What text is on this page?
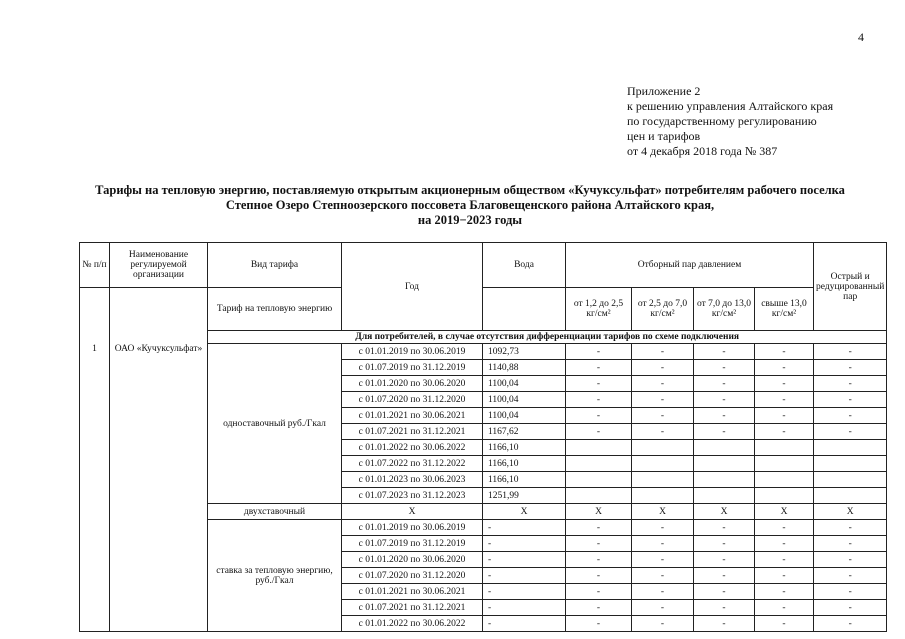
4
Приложение 2
к решению управления Алтайского края
по государственному регулированию
цен и тарифов
от 4 декабря 2018 года № 387
Тарифы на тепловую энергию, поставляемую открытым акционерным обществом «Кучуксульфат» потребителям рабочего поселка
Степное Озеро Степноозерского поссовета Благовещенского района Алтайского края,
на 2019−2023 годы
№ п/п	Наименование регулируемой организации	Вид тарифа	Год	Вода	Отборный пар давлением				Острый и редуцированный пар
1	ОАО «Кучуксульфат»	Тариф на тепловую энергию			от 1,2 до 2,5 кг/см²	от 2,5 до 7,0 кг/см²	от 7,0 до 13,0 кг/см²	свыше 13,0 кг/см²	
		Для потребителей, в случае отсутствия дифференциации тарифов по схеме подключения							
		одноставочный руб./Гкал	с 01.01.2019 по 30.06.2019	1092,73	-	-	-	-	-
			с 01.07.2019 по 31.12.2019	1140,88	-	-	-	-	-
			с 01.01.2020 по 30.06.2020	1100,04	-	-	-	-	-
			с 01.07.2020 по 31.12.2020	1100,04	-	-	-	-	-
			с 01.01.2021 по 30.06.2021	1100,04	-	-	-	-	-
			с 01.07.2021 по 31.12.2021	1167,62	-	-	-	-	-
			с 01.01.2022 по 30.06.2022	1166,10					
			с 01.07.2022 по 31.12.2022	1166,10					
			с 01.01.2023 по 30.06.2023	1166,10					
			с 01.07.2023 по 31.12.2023	1251,99					
		двухставочный	X	X	X	X	X	X	X
		ставка за тепловую энергию, руб./Гкал	с 01.01.2019 по 30.06.2019	-	-	-	-	-	-
			с 01.07.2019 по 31.12.2019	-	-	-	-	-	-
			с 01.01.2020 по 30.06.2020	-	-	-	-	-	-
			с 01.07.2020 по 31.12.2020	-	-	-	-	-	-
			с 01.01.2021 по 30.06.2021	-	-	-	-	-	-
			с 01.07.2021 по 31.12.2021	-	-	-	-	-	-
			с 01.01.2022 по 30.06.2022	-	-	-	-	-	-
